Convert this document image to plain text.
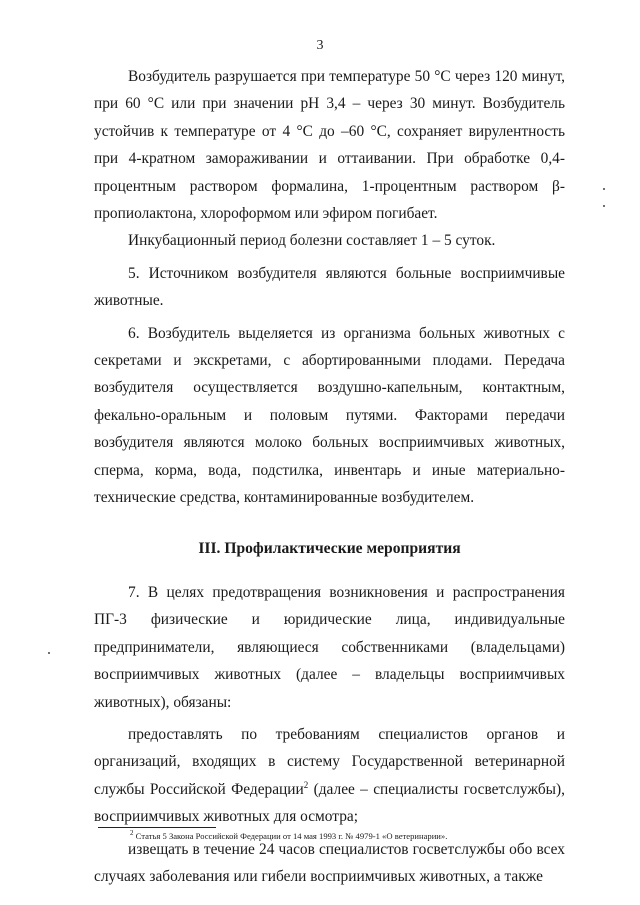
3

Возбудитель разрушается при температуре 50 °С через 120 минут, при 60 °С или при значении рН 3,4 – через 30 минут. Возбудитель устойчив к температуре от 4 °С до –60 °С, сохраняет вирулентность при 4-кратном замораживании и оттаивании. При обработке 0,4-процентным раствором формалина, 1-процентным раствором β-пропиолактона, хлороформом или эфиром погибает.

Инкубационный период болезни составляет 1 – 5 суток.

5. Источником возбудителя являются больные восприимчивые животные.

6. Возбудитель выделяется из организма больных животных с секретами и экскретами, с абортированными плодами. Передача возбудителя осуществляется воздушно-капельным, контактным, фекально-оральным и половым путями. Факторами передачи возбудителя являются молоко больных восприимчивых животных, сперма, корма, вода, подстилка, инвентарь и иные материально-технические средства, контаминированные возбудителем.

III. Профилактические мероприятия

7. В целях предотвращения возникновения и распространения ПГ-3 физические и юридические лица, индивидуальные предприниматели, являющиеся собственниками (владельцами) восприимчивых животных (далее – владельцы восприимчивых животных), обязаны:

предоставлять по требованиям специалистов органов и организаций, входящих в систему Государственной ветеринарной службы Российской Федерации$^2$ (далее – специалисты госветслужбы), восприимчивых животных для осмотра;

извещать в течение 24 часов специалистов госветслужбы обо всех случаях заболевания или гибели восприимчивых животных, а также

$^2$ Статья 5 Закона Российской Федерации от 14 мая 1993 г. № 4979-1 «О ветеринарии».
